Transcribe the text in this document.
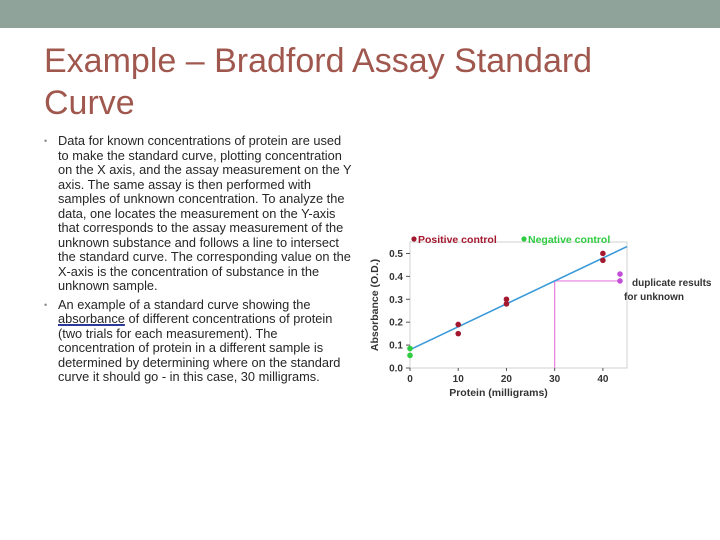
Example – Bradford Assay Standard Curve
• Data for known concentrations of protein are used to make the standard curve, plotting concentration on the X axis, and the assay measurement on the Y axis. The same assay is then performed with samples of unknown concentration. To analyze the data, one locates the measurement on the Y-axis that corresponds to the assay measurement of the unknown substance and follows a line to intersect the standard curve. The corresponding value on the X-axis is the concentration of substance in the unknown sample.
• An example of a standard curve showing the absorbance of different concentrations of protein (two trials for each measurement). The concentration of protein in a different sample is determined by determining where on the standard curve it should go - in this case, 30 milligrams.	0.0
0.1
0.2
0.3
0.4
0.5
0	10	20	30	40
Protein (milligrams)
Absorbance (O.D.)
Positive control	Negative control
duplicate results for unknown
